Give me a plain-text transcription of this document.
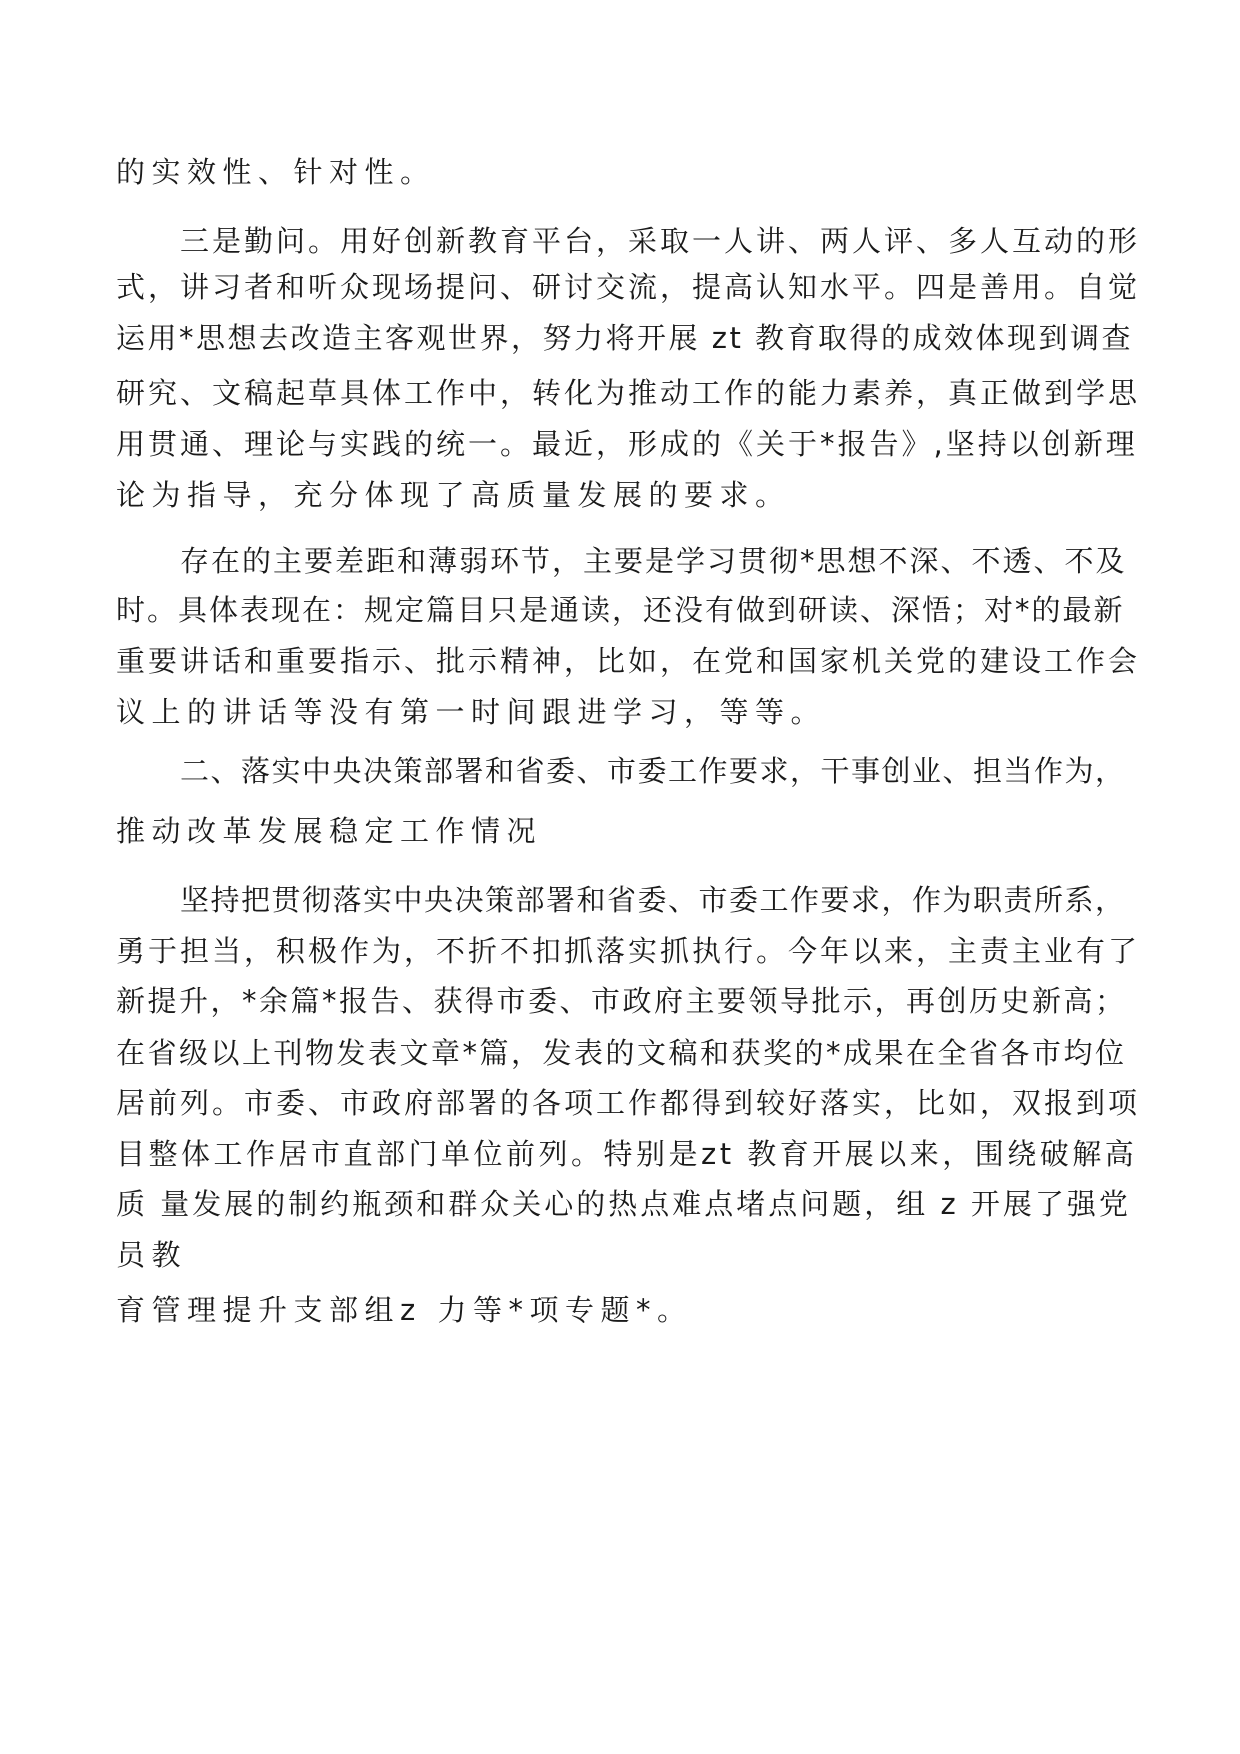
的实效性、针对性。

三是勤问。用好创新教育平台，采取一人讲、两人评、多人互动的形

式，讲习者和听众现场提问、研讨交流，提高认知水平。四是善用。自觉

运用*思想去改造主客观世界，努力将开展 zt 教育取得的成效体现到调查

研究、文稿起草具体工作中，转化为推动工作的能力素养，真正做到学思

用贯通、理论与实践的统一。最近，形成的《关于*报告》,坚持以创新理

论为指导，充分体现了高质量发展的要求。

存在的主要差距和薄弱环节，主要是学习贯彻*思想不深、不透、不及

时。具体表现在：规定篇目只是通读，还没有做到研读、深悟；对*的最新

重要讲话和重要指示、批示精神，比如，在党和国家机关党的建设工作会

议上的讲话等没有第一时间跟进学习，等等。

二、落实中央决策部署和省委、市委工作要求，干事创业、担当作为，

推动改革发展稳定工作情况

坚持把贯彻落实中央决策部署和省委、市委工作要求，作为职责所系，

勇于担当，积极作为，不折不扣抓落实抓执行。今年以来，主责主业有了

新提升，*余篇*报告、获得市委、市政府主要领导批示，再创历史新高；

在省级以上刊物发表文章*篇，发表的文稿和获奖的*成果在全省各市均位

居前列。市委、市政府部署的各项工作都得到较好落实，比如，双报到项

目整体工作居市直部门单位前列。特别是zt 教育开展以来，围绕破解高

质 量发展的制约瓶颈和群众关心的热点难点堵点问题，组 z 开展了强党

员教

育管理提升支部组z 力等*项专题*。
